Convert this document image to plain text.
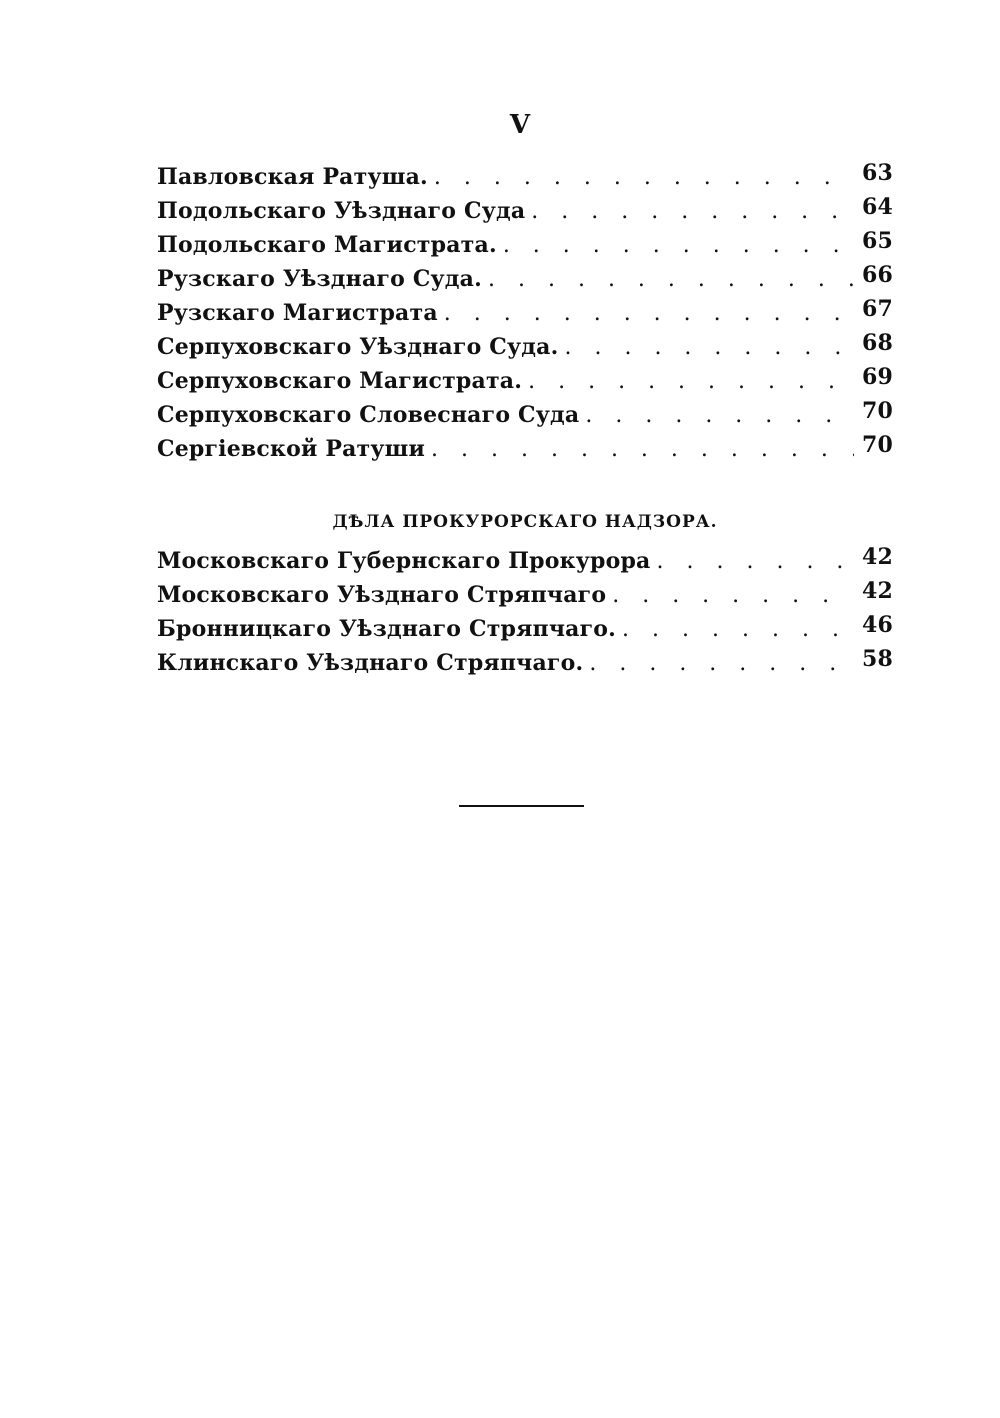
V
Павловская Ратуша. . . .	63
Подольскаго Уѣзднаго Суда . . .	64
Подольскаго Магистрата. . . .	65
Рузскаго Уѣзднаго Суда. . . .	66
Рузскаго Магистрата . . .	67
Серпуховскаго Уѣзднаго Суда. . . .	68
Серпуховскаго Магистрата. . . .	69
Серпуховскаго Словеснаго Суда . . .	70
Сергіевской Ратуши . . .	70
ДѢЛА ПРОКУРОРСКАГО НАДЗОРА.
Московскаго Губернскаго Прокурора . . .	42
Московскаго Уѣзднаго Стряпчаго . . .	42
Бронницкаго Уѣзднаго Стряпчаго. . . .	46
Клинскаго Уѣзднаго Стряпчаго. . . .	58
